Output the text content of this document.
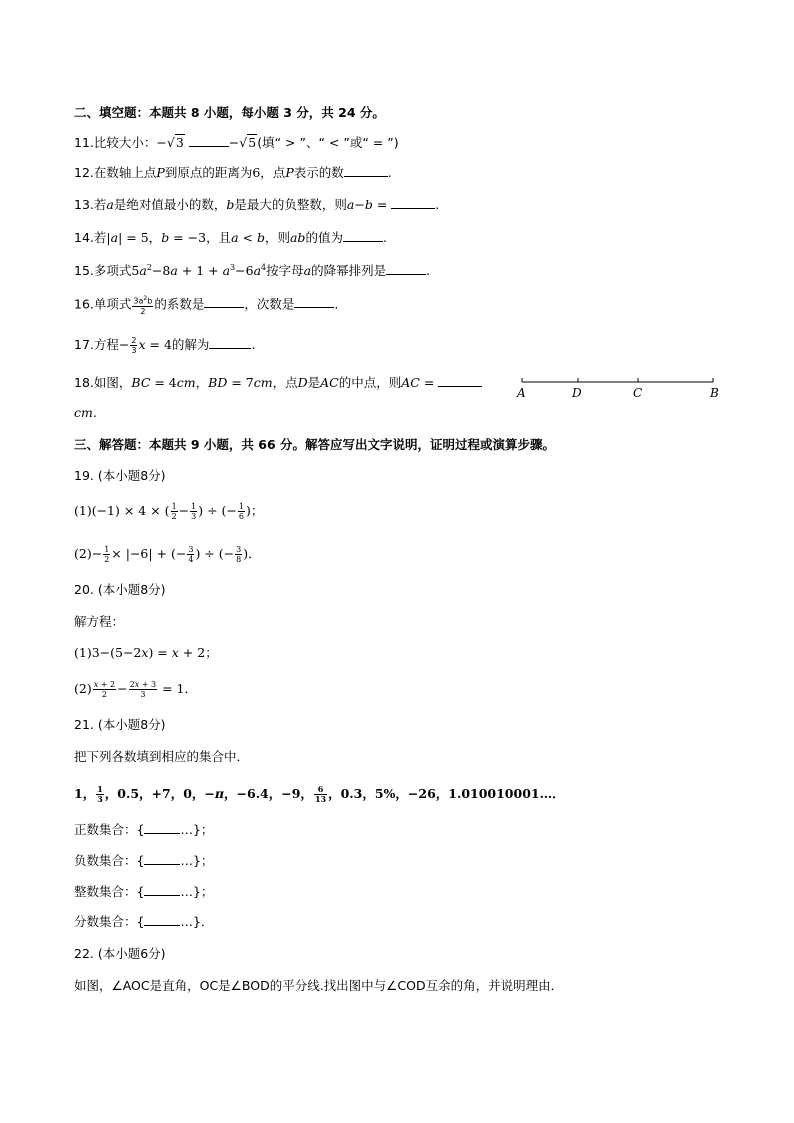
二、填空题：本题共 8 小题，每小题 3 分，共 24 分。
11.比较大小：−√3	−√5(填“ > ”、“ < ”或“ = ”)
12.在数轴上点P到原点的距离为6，点P表示的数	.
13.若a是绝对值最小的数，b是最大的负整数，则a−b =	.
14.若|a| = 5，b = −3，且a < b，则ab的值为	.
15.多项式$5a^2-8a + 1 + a^3-6a^4$按字母a的降幂排列是	.
16.单项式 $\frac{3a^2b}{2}$ 的系数是	，次数是	.
17.方程− $\frac{2}{3}$ x = 4的解为	.
18.如图，BC = 4cm，BD = 7cm，点D是AC的中点，则AC =
cm.
A	D	C	B
三、解答题：本题共 9 小题，共 66 分。解答应写出文字说明，证明过程或演算步骤。
19. (本小题8分)
(1)(−1) × 4 × ( $\frac{1}{2} - \frac{1}{3}$ ) ÷ (− $\frac{1}{6}$ )；
$(2)- \frac{1}{2} \times |-6|$ + (− $\frac{3}{4}$ ) ÷ (− $\frac{3}{8}$ )．
20. (本小题8分)
解方程：
(1)3−(5−2x) = x + 2；
$(2) \frac{x + 2}{2} - \frac{2x + 3}{3} = 1$．
21. (本小题8分)
把下列各数填到相应的集合中．
1， $\frac{1}{3}$ ，0.5，+7，0，−π，−6.4，−9， $\frac{6}{13}$ ，0.3，5%，−26，1.010010001…．
正数集合：{	…}；
负数集合：{	…}；
整数集合：{	…}；
分数集合：{	…}．
22. (本小题6分)
如图，∠AOC是直角，OC是∠BOD的平分线.找出图中与∠COD互余的角，并说明理由．
